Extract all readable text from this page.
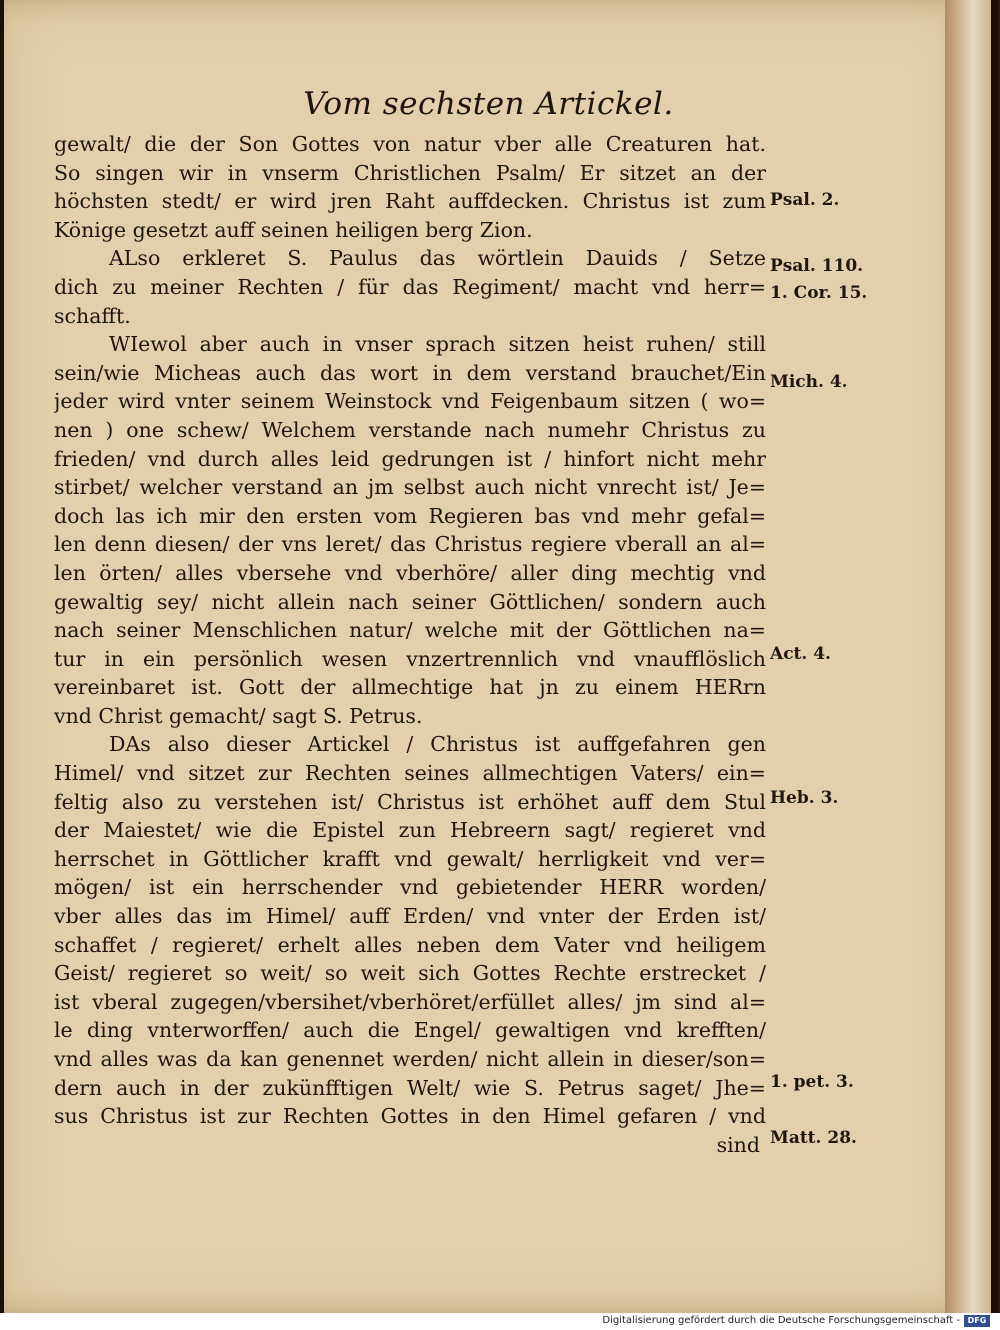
Vom sechsten Artickel.
gewalt/ die der Son Gottes von natur vber alle Creaturen hat.
So singen wir in vnserm Christlichen Psalm/ Er sitzet an der
höchsten stedt/ er wird jren Raht auffdecken. Christus ist zum
Könige gesetzt auff seinen heiligen berg Zion.
ALso erkleret S. Paulus das wörtlein Dauids / Setze
dich zu meiner Rechten / für das Regiment/ macht vnd herr=
schafft.
WIewol aber auch in vnser sprach sitzen heist ruhen/ still
sein/wie Micheas auch das wort in dem verstand brauchet/Ein
jeder wird vnter seinem Weinstock vnd Feigenbaum sitzen ( wo=
nen ) one schew/ Welchem verstande nach numehr Christus zu
frieden/ vnd durch alles leid gedrungen ist / hinfort nicht mehr
stirbet/ welcher verstand an jm selbst auch nicht vnrecht ist/ Je=
doch las ich mir den ersten vom Regieren bas vnd mehr gefal=
len denn diesen/ der vns leret/ das Christus regiere vberall an al=
len örten/ alles vbersehe vnd vberhöre/ aller ding mechtig vnd
gewaltig sey/ nicht allein nach seiner Göttlichen/ sondern auch
nach seiner Menschlichen natur/ welche mit der Göttlichen na=
tur in ein persönlich wesen vnzertrennlich vnd vnaufflöslich
vereinbaret ist. Gott der allmechtige hat jn zu einem HERrn
vnd Christ gemacht/ sagt S. Petrus.
DAs also dieser Artickel / Christus ist auffgefahren gen
Himel/ vnd sitzet zur Rechten seines allmechtigen Vaters/ ein=
feltig also zu verstehen ist/ Christus ist erhöhet auff dem Stul
der Maiestet/ wie die Epistel zun Hebreern sagt/ regieret vnd
herrschet in Göttlicher krafft vnd gewalt/ herrligkeit vnd ver=
mögen/ ist ein herrschender vnd gebietender HERR worden/
vber alles das im Himel/ auff Erden/ vnd vnter der Erden ist/
schaffet / regieret/ erhelt alles neben dem Vater vnd heiligem
Geist/ regieret so weit/ so weit sich Gottes Rechte erstrecket /
ist vberal zugegen/vbersihet/vberhöret/erfüllet alles/ jm sind al=
le ding vnterworffen/ auch die Engel/ gewaltigen vnd krefften/
vnd alles was da kan genennet werden/ nicht allein in dieser/son=
dern auch in der zukünfftigen Welt/ wie S. Petrus saget/ Jhe=
sus Christus ist zur Rechten Gottes in den Himel gefaren / vnd
sind
Psal. 2.
Psal. 110.
1. Cor. 15.
Mich. 4.
Act. 4.
Heb. 3.
1. pet. 3.
Matt. 28.
Digitalisierung gefördert durch die Deutsche Forschungsgemeinschaft - DFG
